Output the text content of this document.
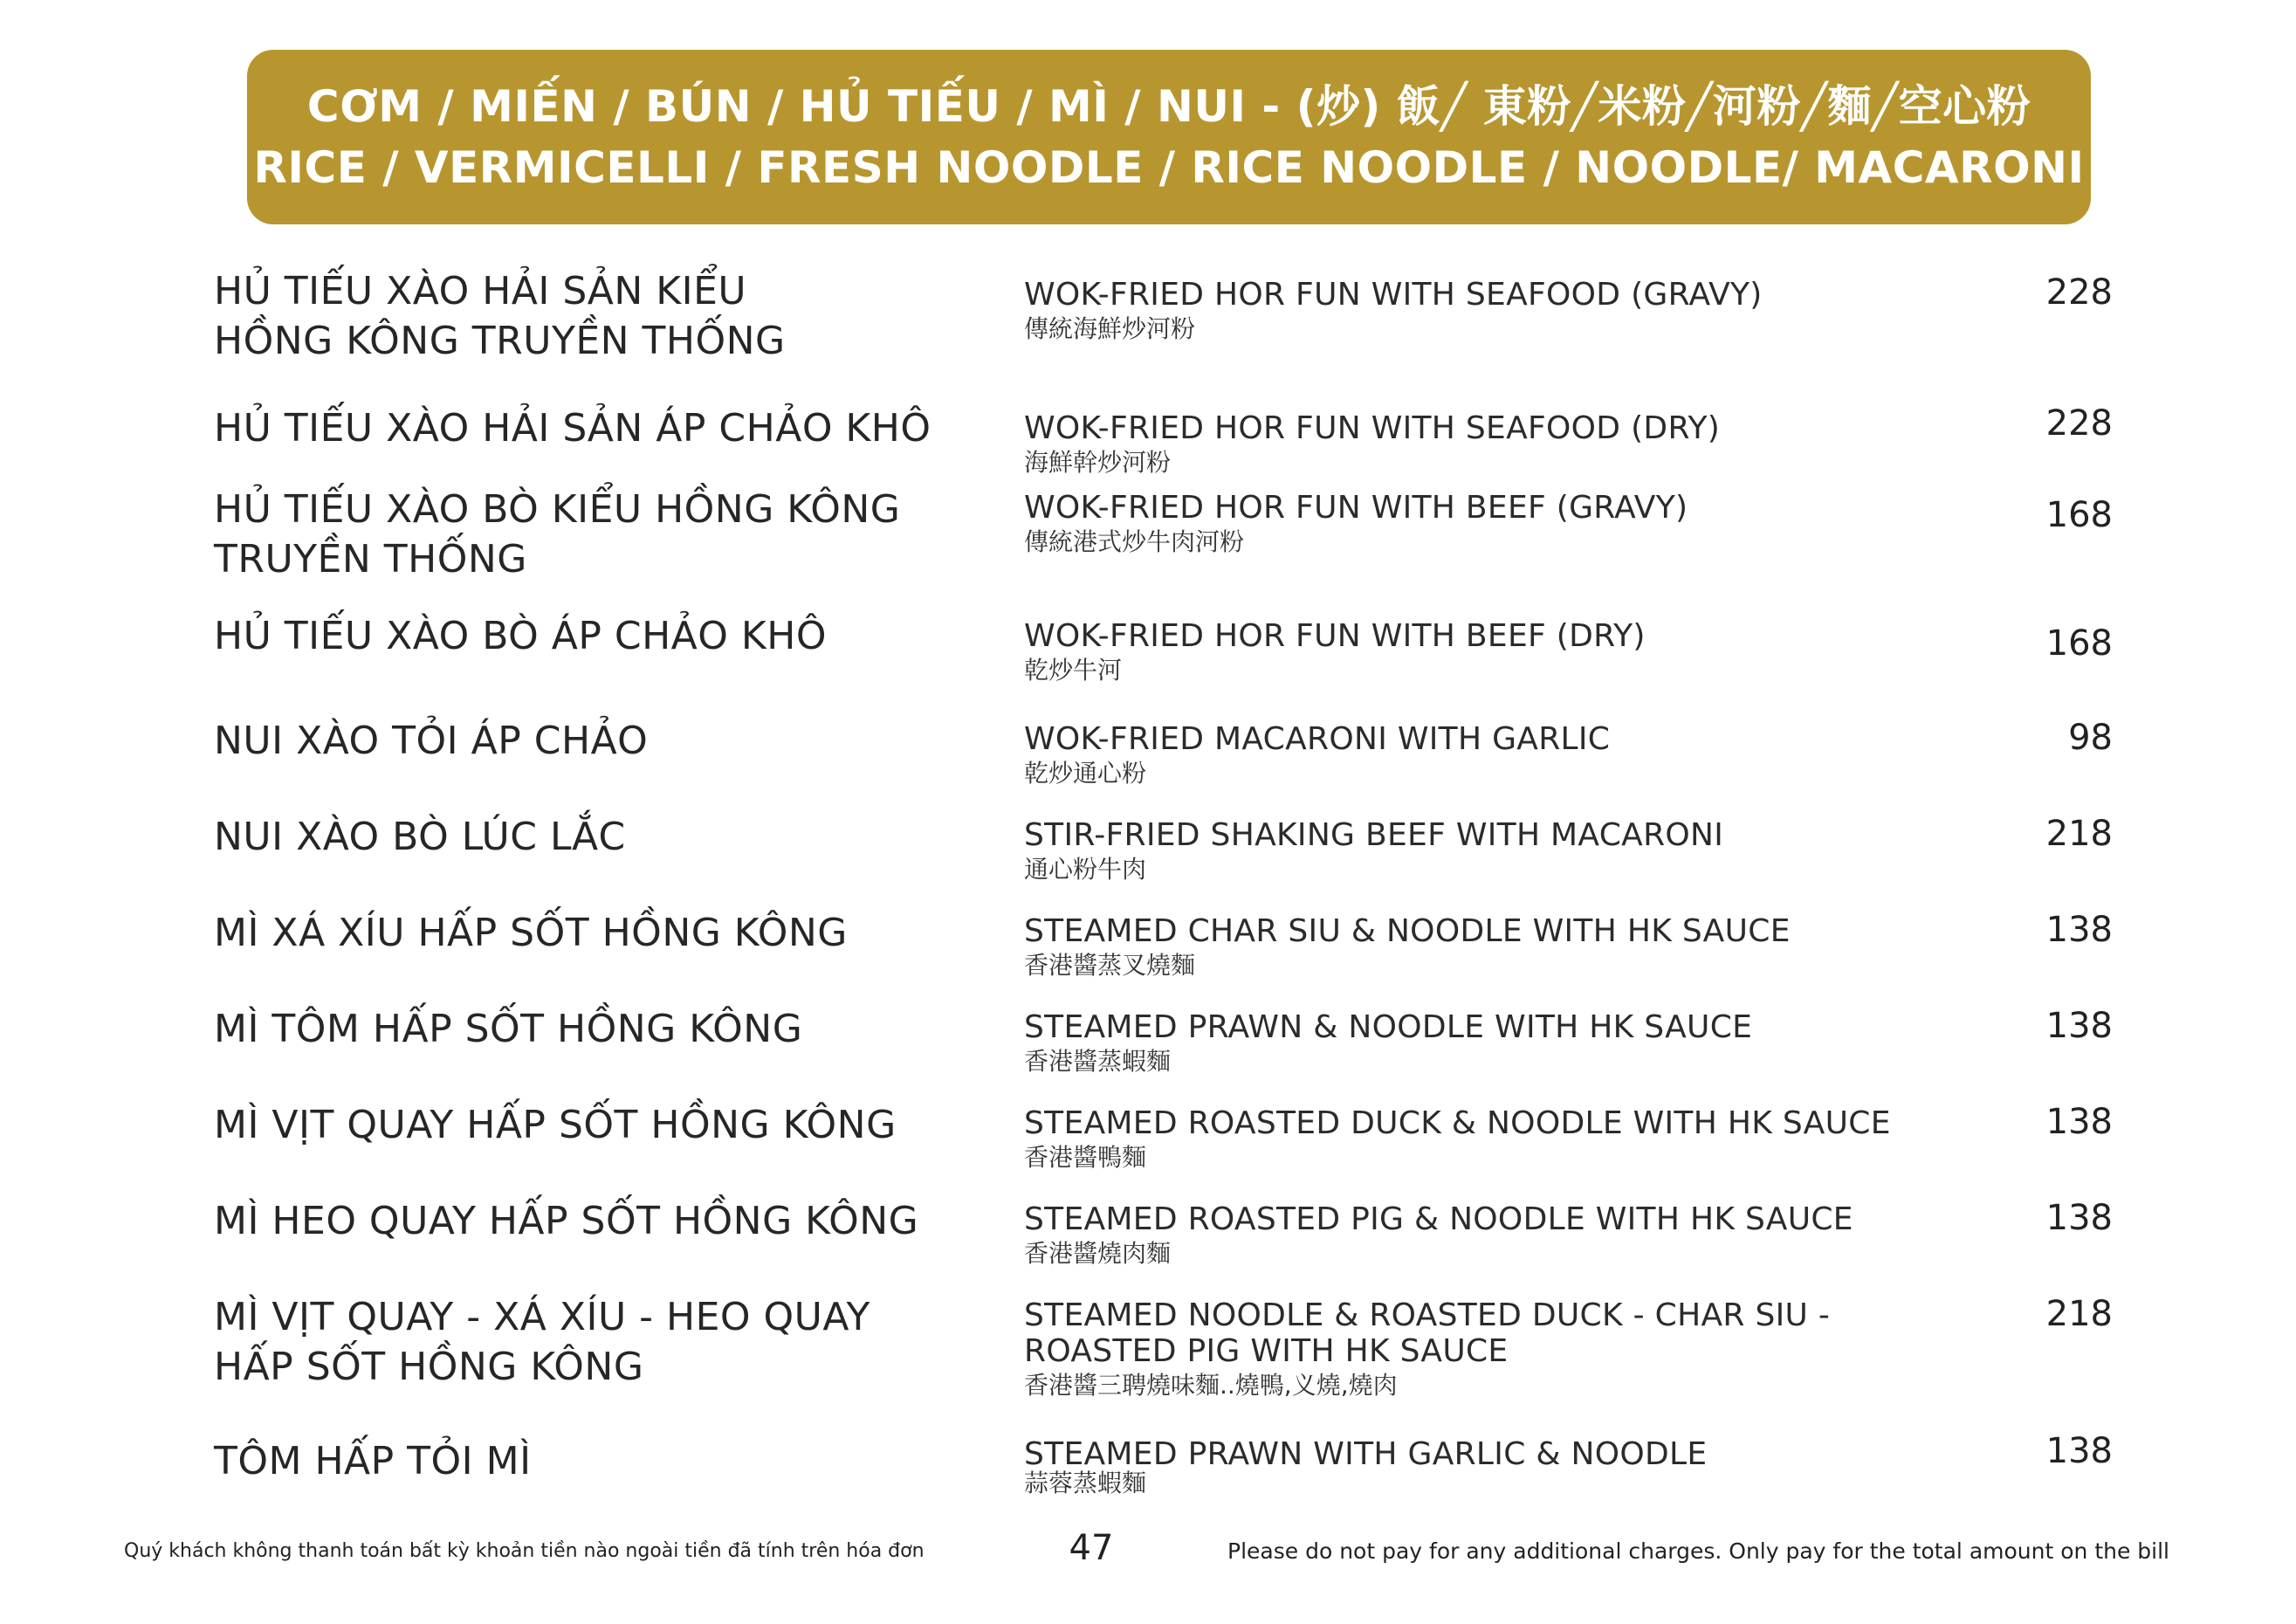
CƠM / MIẾN / BÚN / HỦ TIẾU / MÌ / NUI - (炒) 飯╱ 東粉╱米粉╱河粉╱麵╱空心粉
RICE / VERMICELLI / FRESH NOODLE / RICE NOODLE / NOODLE/ MACARONI
HỦ TIẾU XÀO HẢI SẢN KIỂU
HỒNG KÔNG TRUYỀN THỐNG
WOK-FRIED HOR FUN WITH SEAFOOD (GRAVY)
傳統海鮮炒河粉
228
HỦ TIẾU XÀO HẢI SẢN ÁP CHẢO KHÔ	WOK-FRIED HOR FUN WITH SEAFOOD (DRY)
海鮮幹炒河粉
228
HỦ TIẾU XÀO BÒ KIỂU HỒNG KÔNG
TRUYỀN THỐNG
WOK-FRIED HOR FUN WITH BEEF (GRAVY)
傳統港式炒牛肉河粉
168
HỦ TIẾU XÀO BÒ ÁP CHẢO KHÔ	WOK-FRIED HOR FUN WITH BEEF (DRY)
乾炒牛河
168
NUI XÀO TỎI ÁP CHẢO	WOK-FRIED MACARONI WITH GARLIC
乾炒通心粉
98
NUI XÀO BÒ LÚC LẮC	STIR-FRIED SHAKING BEEF WITH MACARONI
通心粉牛肉
218
MÌ XÁ XÍU HẤP SỐT HỒNG KÔNG	STEAMED CHAR SIU & NOODLE WITH HK SAUCE
香港醬蒸叉燒麵
138
MÌ TÔM HẤP SỐT HỒNG KÔNG	STEAMED PRAWN & NOODLE WITH HK SAUCE
香港醬蒸蝦麵
138
MÌ VỊT QUAY HẤP SỐT HỒNG KÔNG	STEAMED ROASTED DUCK & NOODLE WITH HK SAUCE
香港醬鴨麵
138
MÌ HEO QUAY HẤP SỐT HỒNG KÔNG	STEAMED ROASTED PIG & NOODLE WITH HK SAUCE
香港醬燒肉麵
138
MÌ VỊT QUAY - XÁ XÍU - HEO QUAY
HẤP SỐT HỒNG KÔNG
STEAMED NOODLE & ROASTED DUCK - CHAR SIU -
ROASTED PIG WITH HK SAUCE
香港醬三聘燒味麵..燒鴨,义燒,燒肉
218
TÔM HẤP TỎI MÌ	STEAMED PRAWN WITH GARLIC & NOODLE
蒜蓉蒸蝦麵
138
Quý khách không thanh toán bất kỳ khoản tiền nào ngoài tiền đã tính trên hóa đơn	47	Please do not pay for any additional charges. Only pay for the total amount on the bill
